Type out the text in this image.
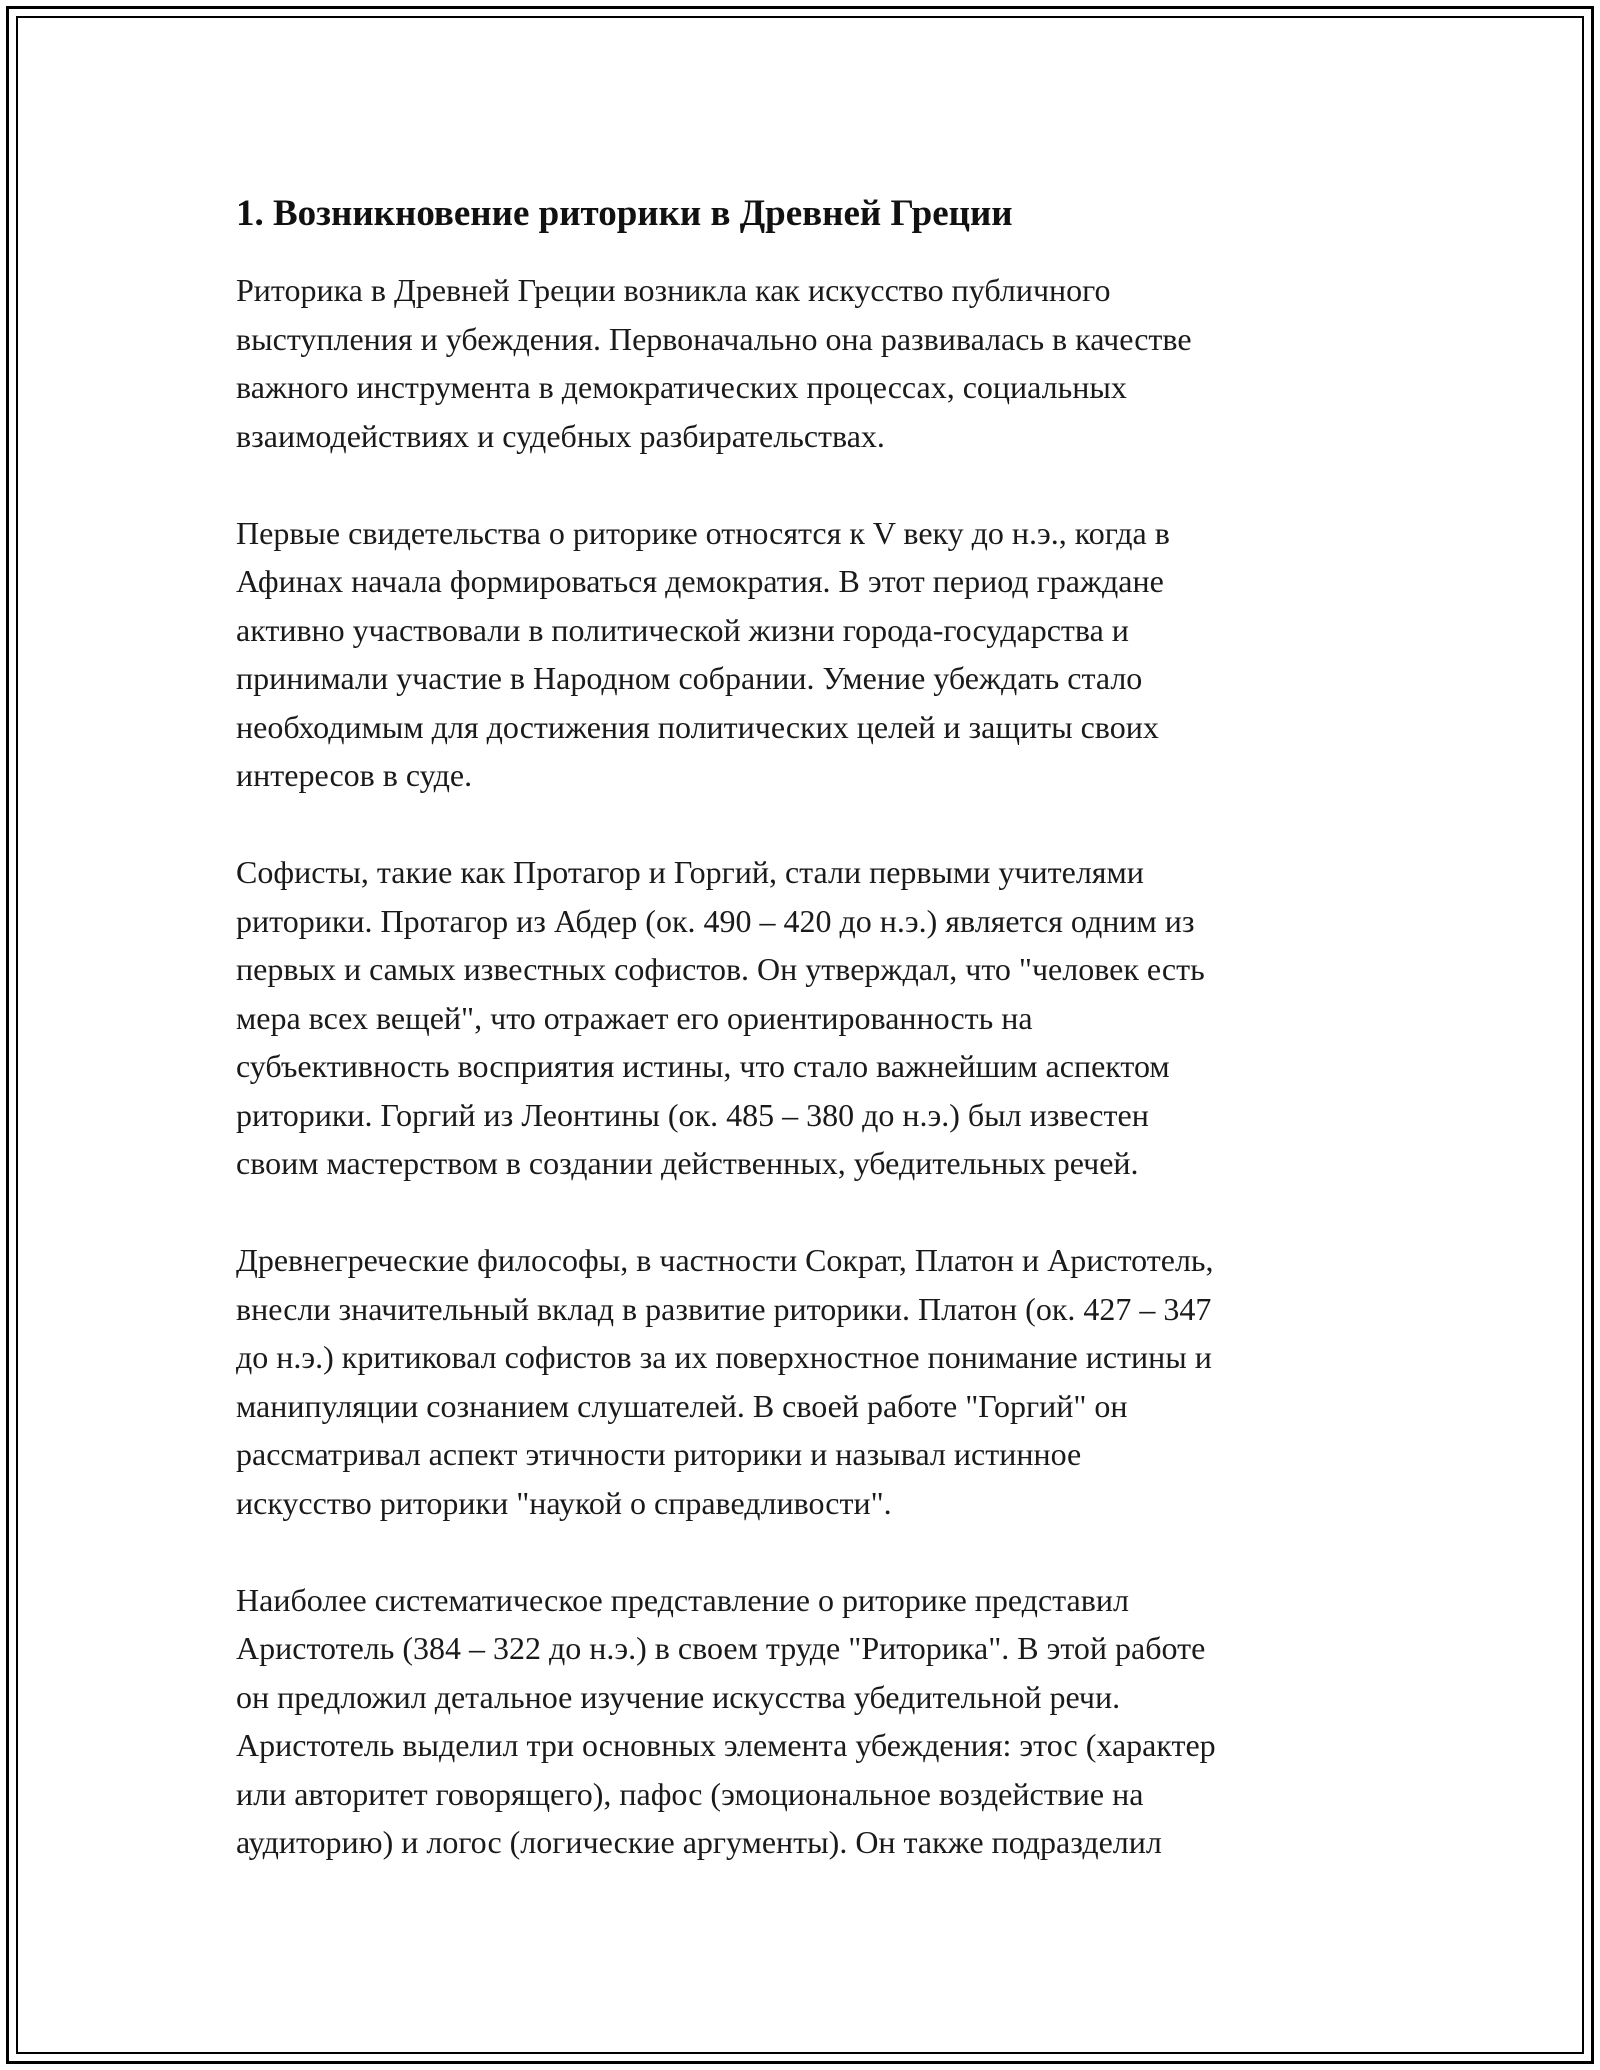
1. Возникновение риторики в Древней Греции

Риторика в Древней Греции возникла как искусство публичного
выступления и убеждения. Первоначально она развивалась в качестве
важного инструмента в демократических процессах, социальных
взаимодействиях и судебных разбирательствах.

Первые свидетельства о риторике относятся к V веку до н.э., когда в
Афинах начала формироваться демократия. В этот период граждане
активно участвовали в политической жизни города-государства и
принимали участие в Народном собрании. Умение убеждать стало
необходимым для достижения политических целей и защиты своих
интересов в суде.

Софисты, такие как Протагор и Горгий, стали первыми учителями
риторики. Протагор из Абдер (ок. 490 – 420 до н.э.) является одним из
первых и самых известных софистов. Он утверждал, что "человек есть
мера всех вещей", что отражает его ориентированность на
субъективность восприятия истины, что стало важнейшим аспектом
риторики. Горгий из Леонтины (ок. 485 – 380 до н.э.) был известен
своим мастерством в создании действенных, убедительных речей.

Древнегреческие философы, в частности Сократ, Платон и Аристотель,
внесли значительный вклад в развитие риторики. Платон (ок. 427 – 347
до н.э.) критиковал софистов за их поверхностное понимание истины и
манипуляции сознанием слушателей. В своей работе "Горгий" он
рассматривал аспект этичности риторики и называл истинное
искусство риторики "наукой о справедливости".

Наиболее систематическое представление о риторике представил
Аристотель (384 – 322 до н.э.) в своем труде "Риторика". В этой работе
он предложил детальное изучение искусства убедительной речи.
Аристотель выделил три основных элемента убеждения: этос (характер
или авторитет говорящего), пафос (эмоциональное воздействие на
аудиторию) и логос (логические аргументы). Он также подразделил
